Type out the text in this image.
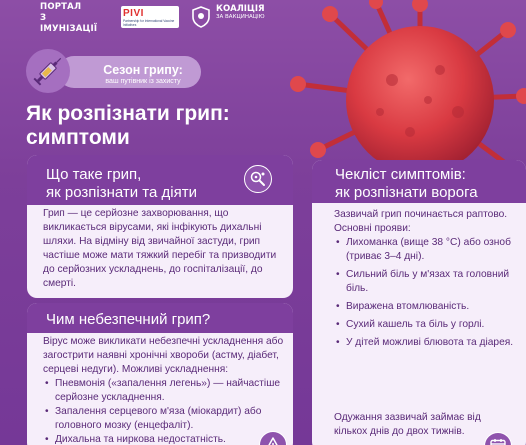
ПОРТАЛ
З ІМУНІЗАЦІЇ
PIVI
Partnership for International Vaccine Initiatives
КОАЛІЦІЯ
ЗА ВАКЦИНАЦІЮ
Сезон грипу:
ваш путівник із захисту
Як розпізнати грип:
симптоми
Що таке грип,
як розпізнати та діяти
Грип — це серйозне захворювання, що викликається вірусами, які інфікують дихальні шляхи. На відміну від звичайної застуди, грип частіше може мати тяжкий перебіг та призводити до серйозних ускладнень, до госпіталізації, до смерті.
Чим небезпечний грип?
Вірус може викликати небезпечні ускладнення або загострити наявні хронічні хвороби (астму, діабет, серцеві недуги). Можливі ускладнення:
• Пневмонія («запалення легень») — найчастіше серйозне ускладнення.
• Запалення серцевого м'яза (міокардит) або головного мозку (енцефаліт).
• Дихальна та ниркова недостатність.
Чекліст симптомів:
як розпізнати ворога
Зазвичай грип починається раптово. Основні прояви:
• Лихоманка (вище 38 °С) або озноб (триває 3–4 дні).
• Сильний біль у м'язах та головний біль.
• Виражена втомлюваність.
• Сухий кашель та біль у горлі.
• У дітей можливі блювота та діарея.
Одужання зазвичай займає від кількох днів до двох тижнів.
